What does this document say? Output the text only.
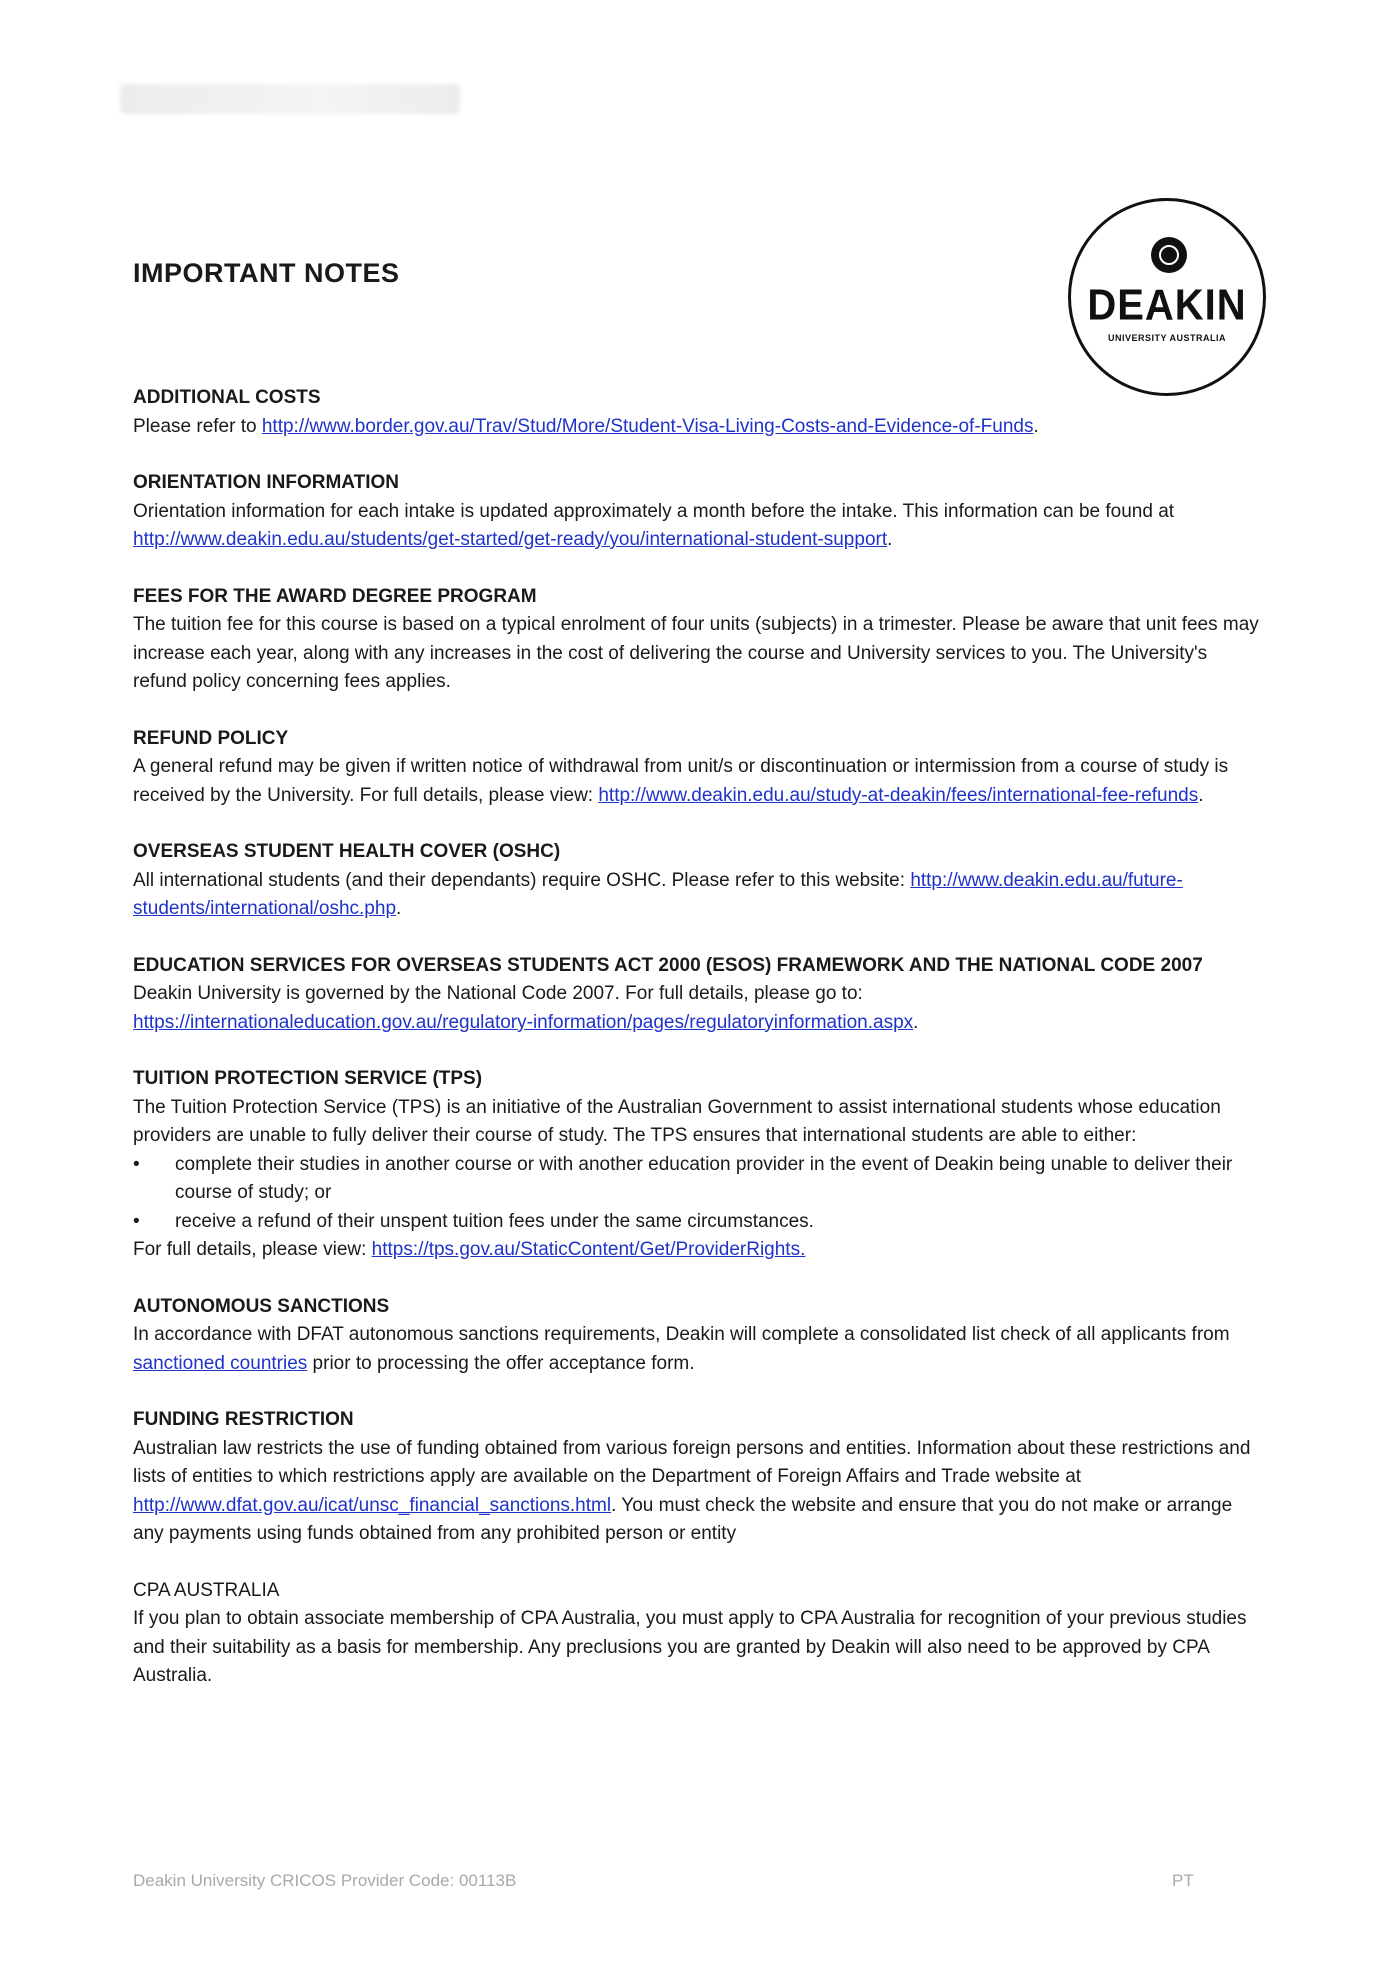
IMPORTANT NOTES
DEAKIN
UNIVERSITY AUSTRALIA

ADDITIONAL COSTS

Please refer to http://www.border.gov.au/Trav/Stud/More/Student-Visa-Living-Costs-and-Evidence-of-Funds.

ORIENTATION INFORMATION

Orientation information for each intake is updated approximately a month before the intake. This information can be found at http://www.deakin.edu.au/students/get-started/get-ready/you/international-student-support.

FEES FOR THE AWARD DEGREE PROGRAM

The tuition fee for this course is based on a typical enrolment of four units (subjects) in a trimester. Please be aware that unit fees may increase each year, along with any increases in the cost of delivering the course and University services to you. The University's refund policy concerning fees applies.

REFUND POLICY

A general refund may be given if written notice of withdrawal from unit/s or discontinuation or intermission from a course of study is received by the University. For full details, please view: http://www.deakin.edu.au/study-at-deakin/fees/international-fee-refunds.

OVERSEAS STUDENT HEALTH COVER (OSHC)

All international students (and their dependants) require OSHC. Please refer to this website: http://www.deakin.edu.au/future-students/international/oshc.php.

EDUCATION SERVICES FOR OVERSEAS STUDENTS ACT 2000 (ESOS) FRAMEWORK AND THE NATIONAL CODE 2007

Deakin University is governed by the National Code 2007. For full details, please go to: https://internationaleducation.gov.au/regulatory-information/pages/regulatoryinformation.aspx.

TUITION PROTECTION SERVICE (TPS)

The Tuition Protection Service (TPS) is an initiative of the Australian Government to assist international students whose education providers are unable to fully deliver their course of study. The TPS ensures that international students are able to either:

• complete their studies in another course or with another education provider in the event of Deakin being unable to deliver their course of study; or
• receive a refund of their unspent tuition fees under the same circumstances.

For full details, please view: https://tps.gov.au/StaticContent/Get/ProviderRights.

AUTONOMOUS SANCTIONS

In accordance with DFAT autonomous sanctions requirements, Deakin will complete a consolidated list check of all applicants from sanctioned countries prior to processing the offer acceptance form.

FUNDING RESTRICTION

Australian law restricts the use of funding obtained from various foreign persons and entities. Information about these restrictions and lists of entities to which restrictions apply are available on the Department of Foreign Affairs and Trade website at http://www.dfat.gov.au/icat/unsc_financial_sanctions.html. You must check the website and ensure that you do not make or arrange any payments using funds obtained from any prohibited person or entity

CPA AUSTRALIA

If you plan to obtain associate membership of CPA Australia, you must apply to CPA Australia for recognition of your previous studies and their suitability as a basis for membership. Any preclusions you are granted by Deakin will also need to be approved by CPA Australia.

Deakin University CRICOS Provider Code: 00113B	PT
